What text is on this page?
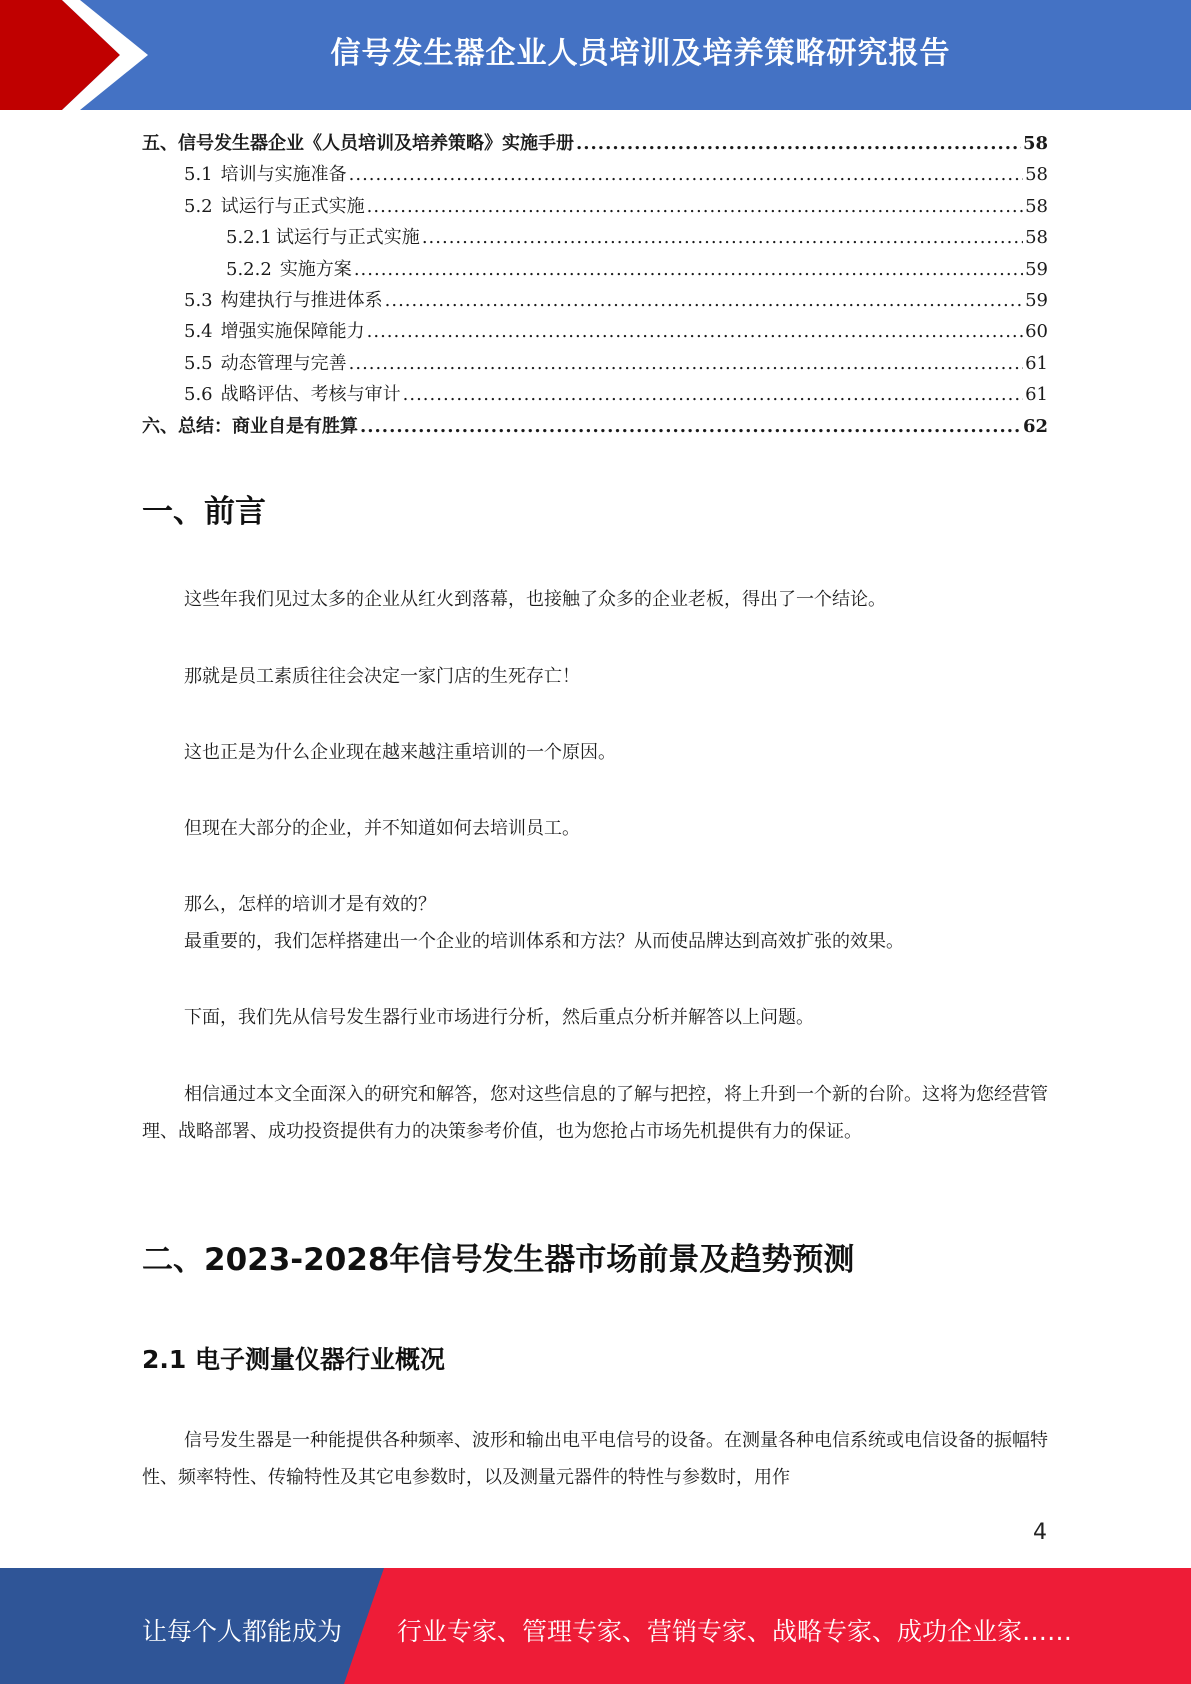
信号发生器企业人员培训及培养策略研究报告
五、信号发生器企业《人员培训及培养策略》实施手册 .....	58
5.1 培训与实施准备 .....	58
5.2 试运行与正式实施 .....	58
5.2.1 试运行与正式实施 .....	58
5.2.2 实施方案 .....	59
5.3 构建执行与推进体系 .....	59
5.4 增强实施保障能力 .....	60
5.5 动态管理与完善 .....	61
5.6 战略评估、考核与审计 .....	61
六、总结：商业自是有胜算 .....	62
一、前言

这些年我们见过太多的企业从红火到落幕，也接触了众多的企业老板，得出了一个结论。

那就是员工素质往往会决定一家门店的生死存亡！

这也正是为什么企业现在越来越注重培训的一个原因。

但现在大部分的企业，并不知道如何去培训员工。

那么，怎样的培训才是有效的？

最重要的，我们怎样搭建出一个企业的培训体系和方法？从而使品牌达到高效扩张的效果。

下面，我们先从信号发生器行业市场进行分析，然后重点分析并解答以上问题。

相信通过本文全面深入的研究和解答，您对这些信息的了解与把控，将上升到一个新的台阶。这将为您经营管理、战略部署、成功投资提供有力的决策参考价值，也为您抢占市场先机提供有力的保证。

二、2023-2028年信号发生器市场前景及趋势预测
2.1 电子测量仪器行业概况

信号发生器是一种能提供各种频率、波形和输出电平电信号的设备。在测量各种电信系统或电信设备的振幅特性、频率特性、传输特性及其它电参数时，以及测量元器件的特性与参数时，用作

4
让每个人都能成为 行业专家、管理专家、营销专家、战略专家、成功企业家……
